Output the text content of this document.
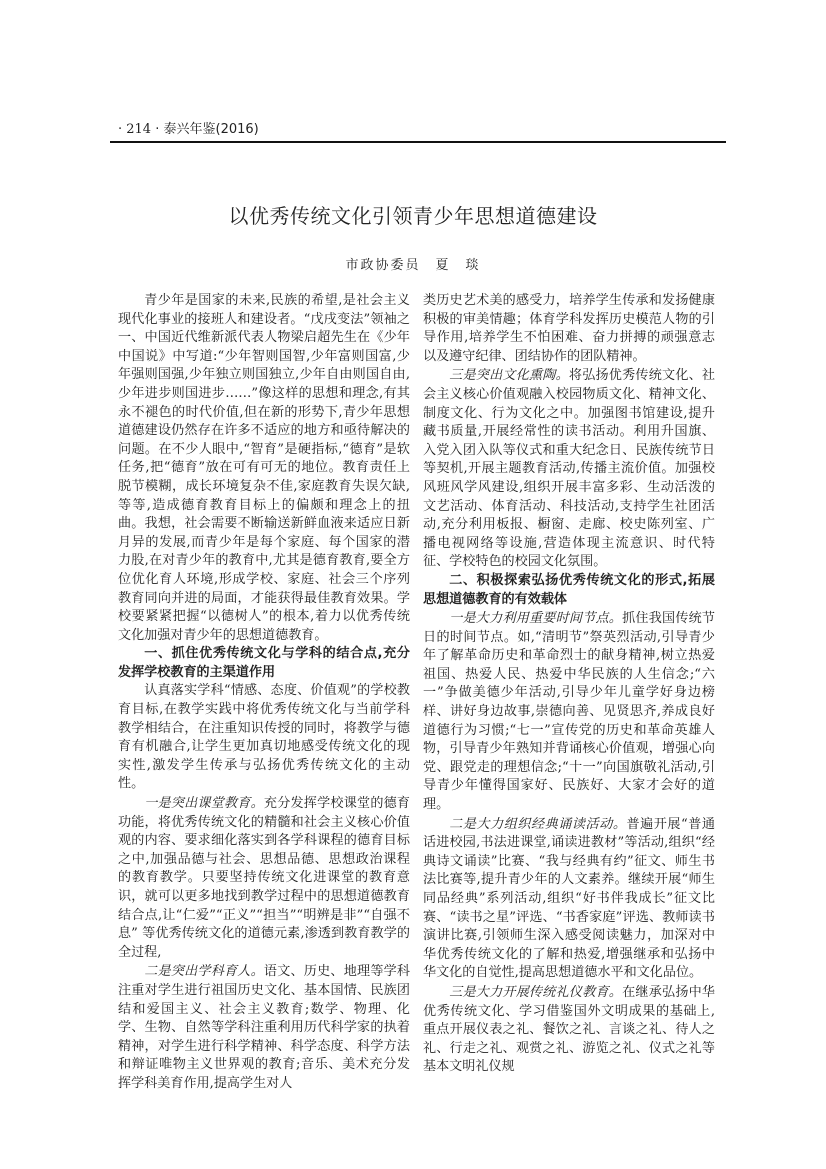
· 214 · 泰兴年鉴(2016)
以优秀传统文化引领青少年思想道德建设
市政协委员　夏　琰

青少年是国家的未来,民族的希望,是社会主义现代化事业的接班人和建设者。“戊戌变法”领袖之一、中国近代维新派代表人物梁启超先生在《少年中国说》中写道:“少年智则国智,少年富则国富,少年强则国强,少年独立则国独立,少年自由则国自由,少年进步则国进步……”像这样的思想和理念,有其永不褪色的时代价值,但在新的形势下,青少年思想道德建设仍然存在许多不适应的地方和亟待解决的问题。在不少人眼中,“智育”是硬指标,“德育”是软任务,把“德育”放在可有可无的地位。教育责任上脱节模糊，成长环境复杂不佳,家庭教育失误欠缺,等等,造成德育教育目标上的偏颇和理念上的扭曲。我想，社会需要不断输送新鲜血液来适应日新月异的发展,而青少年是每个家庭、每个国家的潜力股,在对青少年的教育中,尤其是德育教育,要全方位优化育人环境,形成学校、家庭、社会三个序列教育同向并进的局面，才能获得最佳教育效果。学校要紧紧把握“以德树人”的根本,着力以优秀传统文化加强对青少年的思想道德教育。

一、抓住优秀传统文化与学科的结合点,充分发挥学校教育的主渠道作用

认真落实学科“情感、态度、价值观”的学校教育目标,在教学实践中将优秀传统文化与当前学科教学相结合，在注重知识传授的同时，将教学与德育有机融合,让学生更加真切地感受传统文化的现实性,激发学生传承与弘扬优秀传统文化的主动性。

一是突出课堂教育。充分发挥学校课堂的德育功能，将优秀传统文化的精髓和社会主义核心价值观的内容、要求细化落实到各学科课程的德育目标之中,加强品德与社会、思想品德、思想政治课程的教育教学。只要坚持传统文化进课堂的教育意识，就可以更多地找到教学过程中的思想道德教育结合点,让“仁爱”“正义”“担当”“明辨是非”“自强不息” 等优秀传统文化的道德元素,渗透到教育教学的全过程,

二是突出学科育人。语文、历史、地理等学科注重对学生进行祖国历史文化、基本国情、民族团结和爱国主义、社会主义教育;数学、物理、化学、生物、自然等学科注重利用历代科学家的执着精神，对学生进行科学精神、科学态度、科学方法和辩证唯物主义世界观的教育;音乐、美术充分发挥学科美育作用,提高学生对人

类历史艺术美的感受力，培养学生传承和发扬健康积极的审美情趣；体育学科发挥历史模范人物的引导作用,培养学生不怕困难、奋力拼搏的顽强意志以及遵守纪律、团结协作的团队精神。

三是突出文化熏陶。将弘扬优秀传统文化、社会主义核心价值观融入校园物质文化、精神文化、制度文化、行为文化之中。加强图书馆建设,提升藏书质量,开展经常性的读书活动。利用升国旗、入党入团入队等仪式和重大纪念日、民族传统节日等契机,开展主题教育活动,传播主流价值。加强校风班风学风建设,组织开展丰富多彩、生动活泼的文艺活动、体育活动、科技活动,支持学生社团活动,充分利用板报、橱窗、走廊、校史陈列室、广播电视网络等设施,营造体现主流意识、时代特征、学校特色的校园文化氛围。

二、积极探索弘扬优秀传统文化的形式,拓展思想道德教育的有效载体

一是大力利用重要时间节点。抓住我国传统节日的时间节点。如,“清明节”祭英烈活动,引导青少年了解革命历史和革命烈士的献身精神,树立热爱祖国、热爱人民、热爱中华民族的人生信念;“六一”争做美德少年活动,引导少年儿童学好身边榜样、讲好身边故事,崇德向善、见贤思齐,养成良好道德行为习惯;“七一”宣传党的历史和革命英雄人物，引导青少年熟知并背诵核心价值观，增强心向党、跟党走的理想信念;“十一”向国旗敬礼活动,引导青少年懂得国家好、民族好、大家才会好的道理。

二是大力组织经典诵读活动。普遍开展“普通话进校园,书法进课堂,诵读进教材”等活动,组织“经典诗文诵读”比赛、“我与经典有约”征文、师生书法比赛等,提升青少年的人文素养。继续开展“师生同品经典”系列活动,组织“好书伴我成长”征文比赛、“读书之星”评选、“书香家庭”评选、教师读书演讲比赛,引领师生深入感受阅读魅力，加深对中华优秀传统文化的了解和热爱,增强继承和弘扬中华文化的自觉性,提高思想道德水平和文化品位。

三是大力开展传统礼仪教育。在继承弘扬中华优秀传统文化、学习借鉴国外文明成果的基础上,重点开展仪表之礼、餐饮之礼、言谈之礼、待人之礼、行走之礼、观赏之礼、游览之礼、仪式之礼等基本文明礼仪规
